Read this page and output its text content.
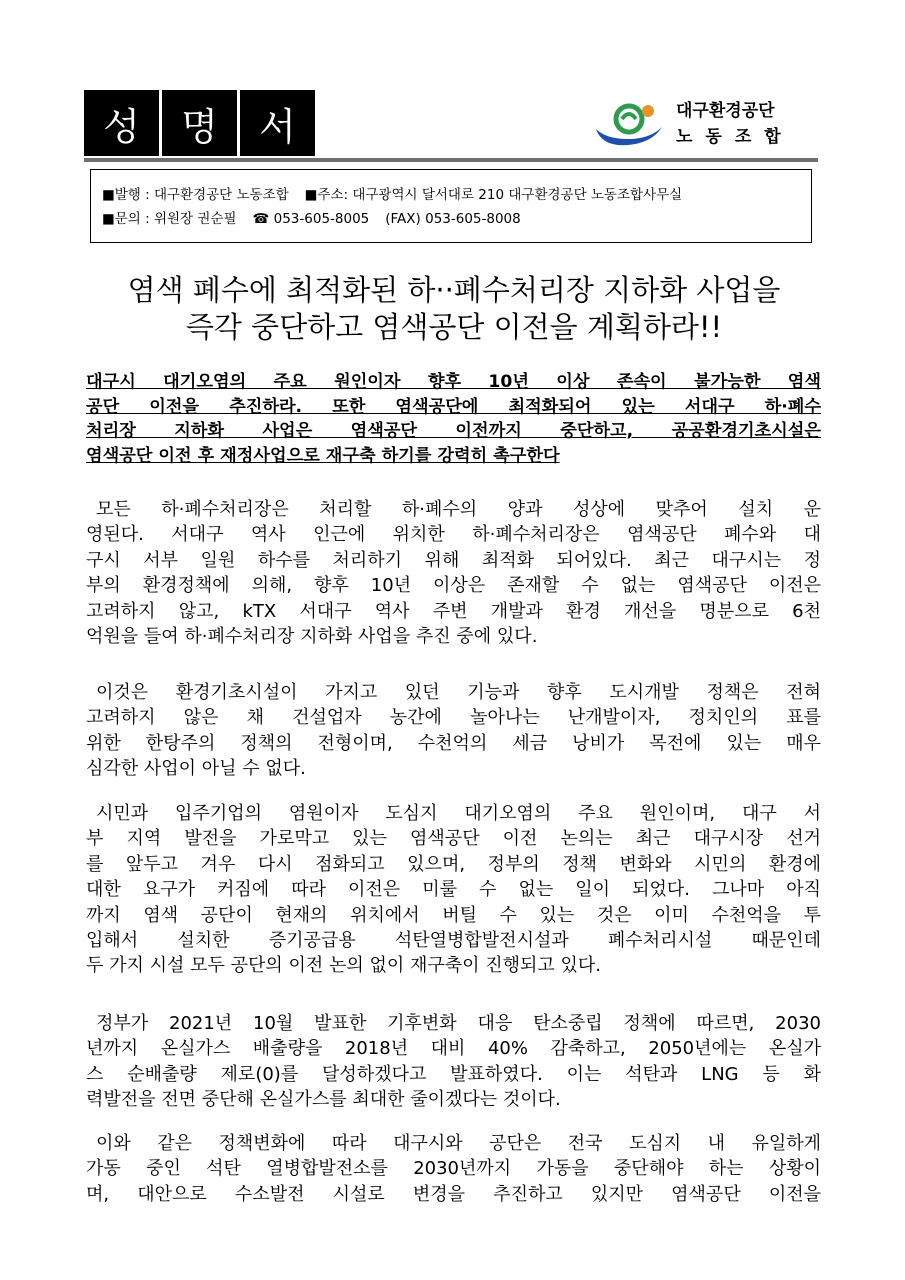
성	명	서	대구환경공단
노동조합
■발행 : 대구환경공단 노동조합 ■주소: 대구광역시 달서대로 210 대구환경공단 노동조합사무실
■문의 : 위원장 권순필 ☎ 053-605-8005 (FAX) 053-605-8008
염색 폐수에 최적화된 하··폐수처리장 지하화 사업을
즉각 중단하고 염색공단 이전을 계획하라!!
대구시 대기오염의 주요 원인이자 향후 10년 이상 존속이 불가능한 염색
공단 이전을 추진하라. 또한 염색공단에 최적화되어 있는 서대구 하·폐수
처리장 지하화 사업은 염색공단 이전까지 중단하고, 공공환경기초시설은
염색공단 이전 후 재정사업으로 재구축 하기를 강력히 촉구한다
모든 하·폐수처리장은 처리할 하·폐수의 양과 성상에 맞추어 설치 운
영된다. 서대구 역사 인근에 위치한 하·폐수처리장은 염색공단 폐수와 대
구시 서부 일원 하수를 처리하기 위해 최적화 되어있다. 최근 대구시는 정
부의 환경정책에 의해, 향후 10년 이상은 존재할 수 없는 염색공단 이전은
고려하지 않고, kTX 서대구 역사 주변 개발과 환경 개선을 명분으로 6천
억원을 들여 하·폐수처리장 지하화 사업을 추진 중에 있다.
이것은 환경기초시설이 가지고 있던 기능과 향후 도시개발 정책은 전혀
고려하지 않은 채 건설업자 농간에 놀아나는 난개발이자, 정치인의 표를
위한 한탕주의 정책의 전형이며, 수천억의 세금 낭비가 목전에 있는 매우
심각한 사업이 아닐 수 없다.
시민과 입주기업의 염원이자 도심지 대기오염의 주요 원인이며, 대구 서
부 지역 발전을 가로막고 있는 염색공단 이전 논의는 최근 대구시장 선거
를 앞두고 겨우 다시 점화되고 있으며, 정부의 정책 변화와 시민의 환경에
대한 요구가 커짐에 따라 이전은 미룰 수 없는 일이 되었다. 그나마 아직
까지 염색 공단이 현재의 위치에서 버틸 수 있는 것은 이미 수천억을 투
입해서 설치한 증기공급용 석탄열병합발전시설과 폐수처리시설 때문인데
두 가지 시설 모두 공단의 이전 논의 없이 재구축이 진행되고 있다.
정부가 2021년 10월 발표한 기후변화 대응 탄소중립 정책에 따르면, 2030
년까지 온실가스 배출량을 2018년 대비 40% 감축하고, 2050년에는 온실가
스 순배출량 제로(0)를 달성하겠다고 발표하였다. 이는 석탄과 LNG 등 화
력발전을 전면 중단해 온실가스를 최대한 줄이겠다는 것이다.
이와 같은 정책변화에 따라 대구시와 공단은 전국 도심지 내 유일하게
가동 중인 석탄 열병합발전소를 2030년까지 가동을 중단해야 하는 상황이
며, 대안으로 수소발전 시설로 변경을 추진하고 있지만 염색공단 이전을
